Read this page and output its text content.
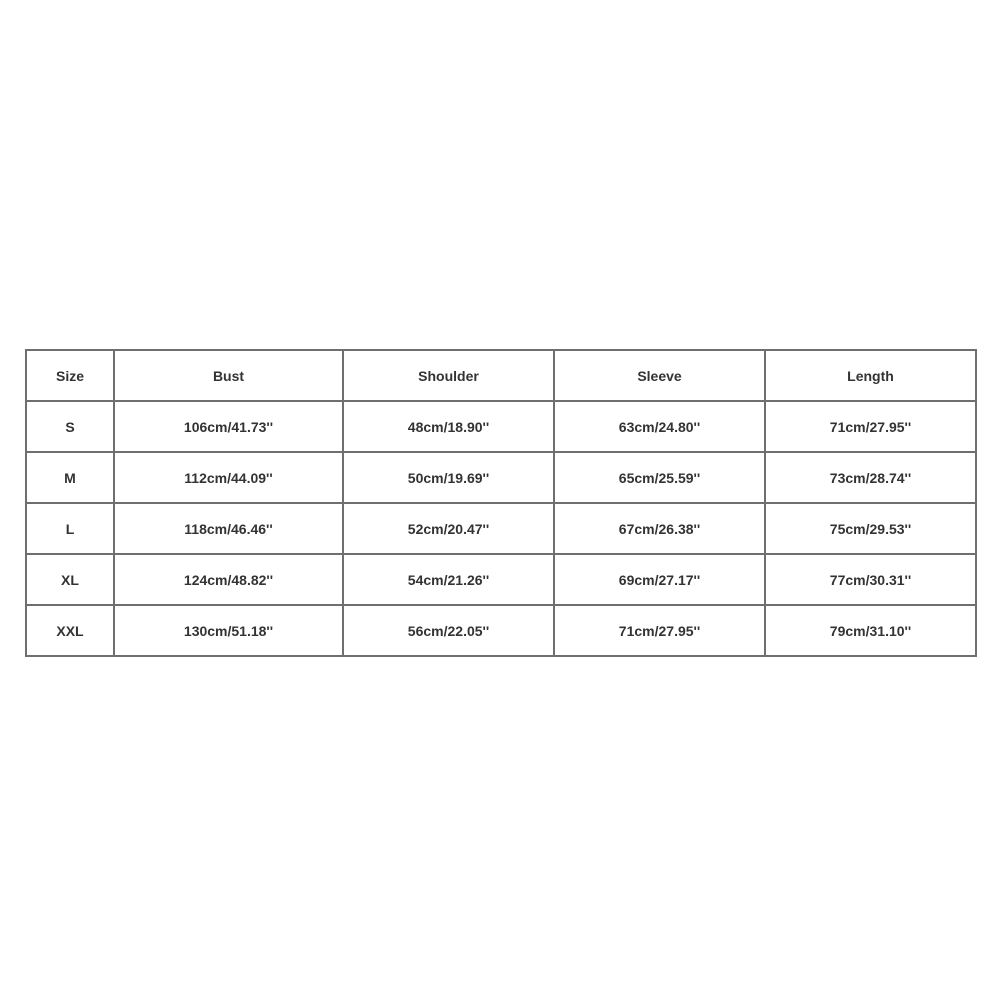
Size	Bust	Shoulder	Sleeve	Length
S	106cm/41.73''	48cm/18.90''	63cm/24.80''	71cm/27.95''
M	112cm/44.09''	50cm/19.69''	65cm/25.59''	73cm/28.74''
L	118cm/46.46''	52cm/20.47''	67cm/26.38''	75cm/29.53''
XL	124cm/48.82''	54cm/21.26''	69cm/27.17''	77cm/30.31''
XXL	130cm/51.18''	56cm/22.05''	71cm/27.95''	79cm/31.10''
